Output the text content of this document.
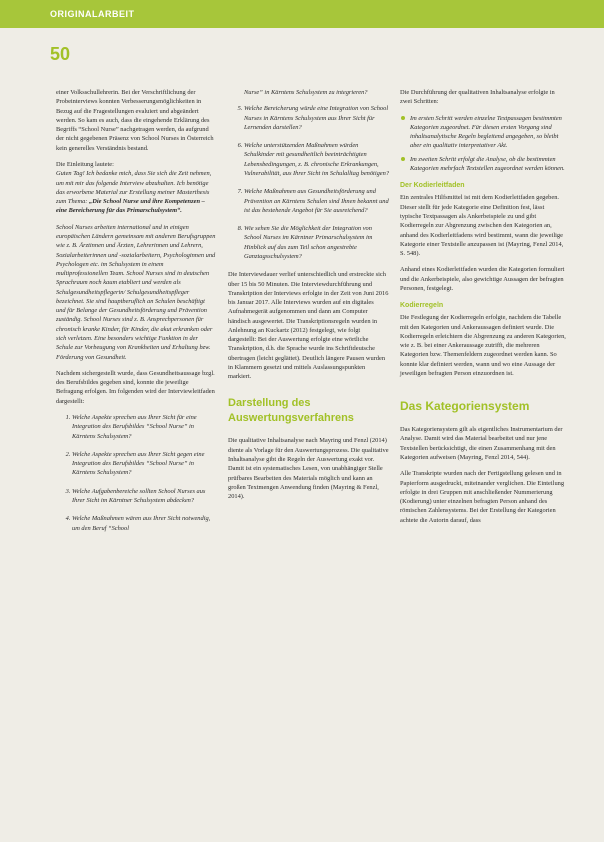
ORIGINALARBEIT
50

einer Volksschullehrerin. Bei der Verschriftlichung der Probeinterviews konnten Verbesserungsmöglichkeiten in Bezug auf die Fragestellungen evaluiert und abgeändert werden. So kam es auch, dass die eingehende Erklärung des Begriffs “School Nurse” nachgetragen werden, da aufgrund der nicht gegebenen Präsenz von School Nurses in Österreich kein generelles Verständnis bestand.

Die Einleitung lautete:
Guten Tag! Ich bedanke mich, dass Sie sich die Zeit nehmen, um mit mir das folgende Interview abzuhalten. Ich benötige das erworbene Material zur Erstellung meiner Masterthesis zum Thema: „Die School Nurse und ihre Kompetenzen – eine Bereicherung für das Primarschulsystem“.

School Nurses arbeiten international und in einigen europäischen Ländern gemeinsam mit anderen Berufsgruppen wie z. B. Ärztinnen und Ärzten, Lehrerinnen und Lehrern, Sozialarbeiterinnen und -sozialarbeitern, Psychologinnen und Psychologen etc. im Schulsystem in einem multiprofessionellen Team. School Nurses sind in deutschen Sprachraum noch kaum etabliert und werden als Schulgesundheitspflegerin/ Schulgesundheitspfleger bezeichnet. Sie sind hauptberuflich an Schulen beschäftigt und für Belange der Gesundheitsförderung und Prävention zuständig. School Nurses sind z. B. Ansprechpersonen für chronisch kranke Kinder, für Kinder, die akut erkranken oder sich verletzen. Eine besonders wichtige Funktion in der Schule zur Vorbeugung von Krankheiten und Erhaltung bzw. Förderung von Gesundheit.

Nachdem sichergestellt wurde, dass Gesundheitsaussage bzgl. des Berufsbildes gegeben sind, konnte die jeweilige Befragung erfolgen. Im folgenden wird der Interviewleitfaden dargestellt:

1. Welche Aspekte sprechen aus Ihrer Sicht für eine Integration des Berufsbildes “School Nurse” in Kärntens Schulsystem?
2. Welche Aspekte sprechen aus Ihrer Sicht gegen eine Integration des Berufsbildes “School Nurse” in Kärntens Schulsystem?
3. Welche Aufgabenbereiche sollten School Nurses aus Ihrer Sicht im Kärntner Schulsystem abdecken?
4. Welche Maßnahmen wären aus Ihrer Sicht notwendig, um den Beruf “School

Nurse” in Kärntens Schulsystem zu integrieren?

5. Welche Bereicherung würde eine Integration von School Nurses in Kärntens Schulsystem aus Ihrer Sicht für Lernenden darstellen?
6. Welche unterstützenden Maßnahmen würden Schulkinder mit gesundheitlich beeinträchtigten Lebensbedingungen, z. B. chronische Erkrankungen, Vulnerabilität, aus Ihrer Sicht im Schulalltag benötigen?
7. Welche Maßnahmen aus Gesundheitsförderung und Prävention an Kärntens Schulen sind Ihnen bekannt und ist das bestehende Angebot für Sie ausreichend?
8. Wie sehen Sie die Möglichkeit der Integration von School Nurses im Kärntner Primarschulsystem im Hinblick auf das zum Teil schon angestrebte Ganztagsschulsystem?

Die Interviewdauer verlief unterschiedlich und erstreckte sich über 15 bis 50 Minuten. Die Interviewdurchführung und Transkription der Interviews erfolgte in der Zeit von Juni 2016 bis Januar 2017. Alle Interviews wurden auf ein digitales Aufnahmegerät aufgenommen und dann am Computer händisch ausgewertet. Die Transkriptionsregeln wurden in Anlehnung an Kuckartz (2012) festgelegt, wie folgt dargestellt: Bei der Auswertung erfolgte eine wörtliche Transkription, d.h. die Sprache wurde ins Schriftdeutsche übertragen (leicht geglättet). Deutlich längere Pausen wurden in Klammern gesetzt und mittels Auslassungspunkten markiert.

Darstellung des Auswertungsverfahrens

Die qualitative Inhaltsanalyse nach Mayring und Fenzl (2014) diente als Vorlage für den Auswertungsprozess. Die qualitative Inhaltsanalyse gibt die Regeln der Auswertung exakt vor. Damit ist ein systematisches Lesen, von unabhängiger Stelle prüfbares Bearbeiten des Materials möglich und kann an großen Textmengen Anwendung finden (Mayring & Fenzl, 2014).

Die Durchführung der qualitativen Inhaltsanalyse erfolgte in zwei Schritten:

Im ersten Schritt werden einzelne Textpassagen bestimmten Kategorien zugeordnet. Für diesen ersten Vorgang sind inhaltsanalytische Regeln begleitend angegeben, so bleibt aber ein qualitativ interpretativer Akt.
Im zweiten Schritt erfolgt die Analyse, ob die bestimmten Kategorien mehrfach Textstellen zugeordnet werden können.
Der Kodierleitfaden

Ein zentrales Hilfsmittel ist mit dem Kodierleitfaden gegeben. Dieser stellt für jede Kategorie eine Definition fest, lässt typische Textpassagen als Ankerbeispiele zu und gibt Kodierregeln zur Abgrenzung zwischen den Kategorien an, anhand des Kodierleitfadens wird bestimmt, wann die jeweilige Kategorie einer Textstelle anzupassen ist (Mayring, Fenzl 2014, S. 548).

Anhand eines Kodierleitfaden wurden die Kategorien formuliert und die Ankerbeispiele, also gewichtige Aussagen der befragten Personen, festgelegt.

Kodierregeln

Die Festlegung der Kodierregeln erfolgte, nachdem die Tabelle mit den Kategorien und Ankeraussagen definiert wurde. Die Kodierregeln erleichtern die Abgrenzung zu anderen Kategorien, wie z. B. bei einer Ankeraussage zutrifft, die mehreren Kategorien bzw. Themenfeldern zugeordnet werden kann. So konnte klar definiert werden, wann und wo eine Aussage der jeweiligen befragten Person einzuordnen ist.

Das Kategoriensystem

Das Kategoriensystem gilt als eigentliches Instrumentarium der Analyse. Damit wird das Material bearbeitet und nur jene Textstellen berücksichtigt, die einen Zusammenhang mit den Kategorien aufweisen (Mayring, Fenzl 2014, 544).

Alle Transkripte wurden nach der Fertigstellung gelesen und in Papierform ausgedruckt, miteinander verglichen. Die Einteilung erfolgte in drei Gruppen mit anschließender Nummerierung (Kodierung) unter einzelnen befragten Person anhand des römischen Zahlensystems. Bei der Erstellung der Kategorien achtete die Autorin darauf, dass
